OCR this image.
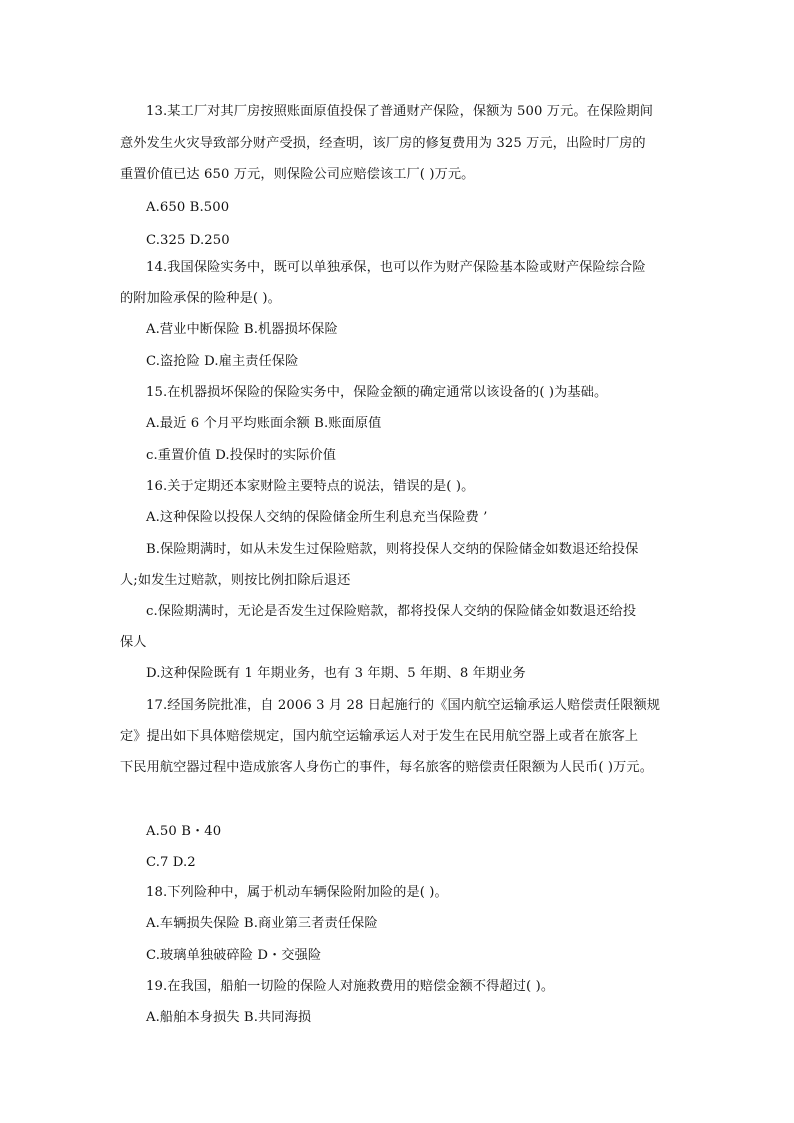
13.某工厂对其厂房按照账面原值投保了普通财产保险，保额为 500 万元。在保险期间
意外发生火灾导致部分财产受损，经查明，该厂房的修复费用为 325 万元，出险时厂房的
重置价值已达 650 万元，则保险公司应赔偿该工厂( )万元。
A.650 B.500
C.325 D.250
14.我国保险实务中，既可以单独承保，也可以作为财产保险基本险或财产保险综合险
的附加险承保的险种是( )。
A.营业中断保险 B.机器损坏保险
C.盗抢险 D.雇主责任保险
15.在机器损坏保险的保险实务中，保险金额的确定通常以该设备的( )为基础。
A.最近 6 个月平均账面余额 B.账面原值
c.重置价值 D.投保时的实际价值
16.关于定期还本家财险主要特点的说法，错误的是( )。
A.这种保险以投保人交纳的保险储金所生利息充当保险费 ’
B.保险期满时，如从未发生过保险赔款，则将投保人交纳的保险储金如数退还给投保
人;如发生过赔款，则按比例扣除后退还
c.保险期满时，无论是否发生过保险赔款，都将投保人交纳的保险储金如数退还给投
保人
D.这种保险既有 1 年期业务，也有 3 年期、5 年期、8 年期业务
17.经国务院批准，自 2006 3 月 28 日起施行的《国内航空运输承运人赔偿责任限额规
定》提出如下具体赔偿规定，国内航空运输承运人对于发生在民用航空器上或者在旅客上
下民用航空器过程中造成旅客人身伤亡的事件，每名旅客的赔偿责任限额为人民币( )万元。
A.50 B・40
C.7 D.2
18.下列险种中，属于机动车辆保险附加险的是( )。
A.车辆损失保险 B.商业第三者责任保险
C.玻璃单独破碎险 D・交强险
19.在我国，船舶一切险的保险人对施救费用的赔偿金额不得超过( )。
A.船舶本身损失 B.共同海损
